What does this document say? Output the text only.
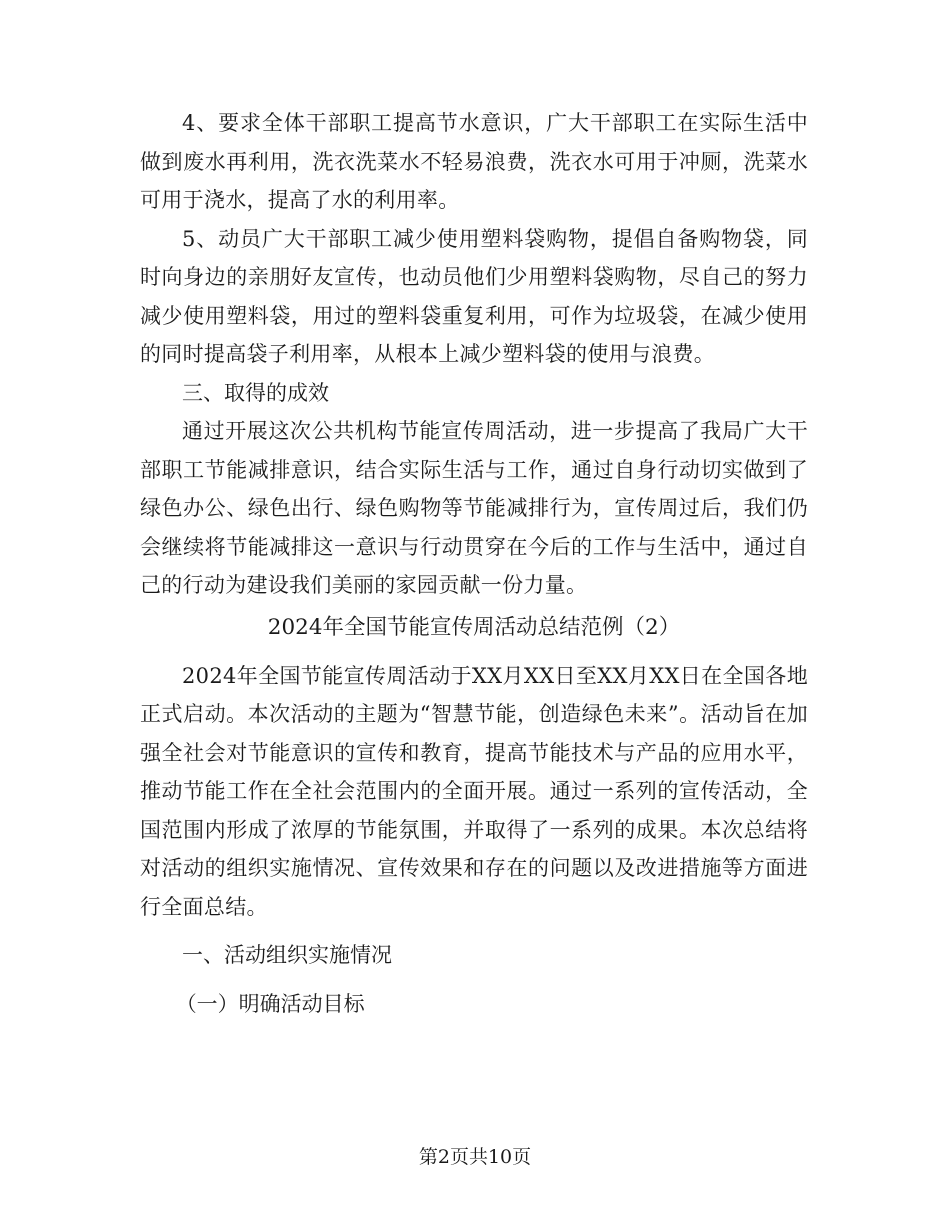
4、要求全体干部职工提高节水意识，广大干部职工在实际生活中做到废水再利用，洗衣洗菜水不轻易浪费，洗衣水可用于冲厕，洗菜水可用于浇水，提高了水的利用率。

5、动员广大干部职工减少使用塑料袋购物，提倡自备购物袋，同时向身边的亲朋好友宣传，也动员他们少用塑料袋购物，尽自己的努力减少使用塑料袋，用过的塑料袋重复利用，可作为垃圾袋，在减少使用的同时提高袋子利用率，从根本上减少塑料袋的使用与浪费。

三、取得的成效

通过开展这次公共机构节能宣传周活动，进一步提高了我局广大干部职工节能减排意识，结合实际生活与工作，通过自身行动切实做到了绿色办公、绿色出行、绿色购物等节能减排行为，宣传周过后，我们仍会继续将节能减排这一意识与行动贯穿在今后的工作与生活中，通过自己的行动为建设我们美丽的家园贡献一份力量。

2024年全国节能宣传周活动总结范例（2）

2024年全国节能宣传周活动于XX月XX日至XX月XX日在全国各地正式启动。本次活动的主题为“智慧节能，创造绿色未来”。活动旨在加强全社会对节能意识的宣传和教育，提高节能技术与产品的应用水平，推动节能工作在全社会范围内的全面开展。通过一系列的宣传活动，全国范围内形成了浓厚的节能氛围，并取得了一系列的成果。本次总结将对活动的组织实施情况、宣传效果和存在的问题以及改进措施等方面进行全面总结。

一、活动组织实施情况

（一）明确活动目标

第2页共10页
